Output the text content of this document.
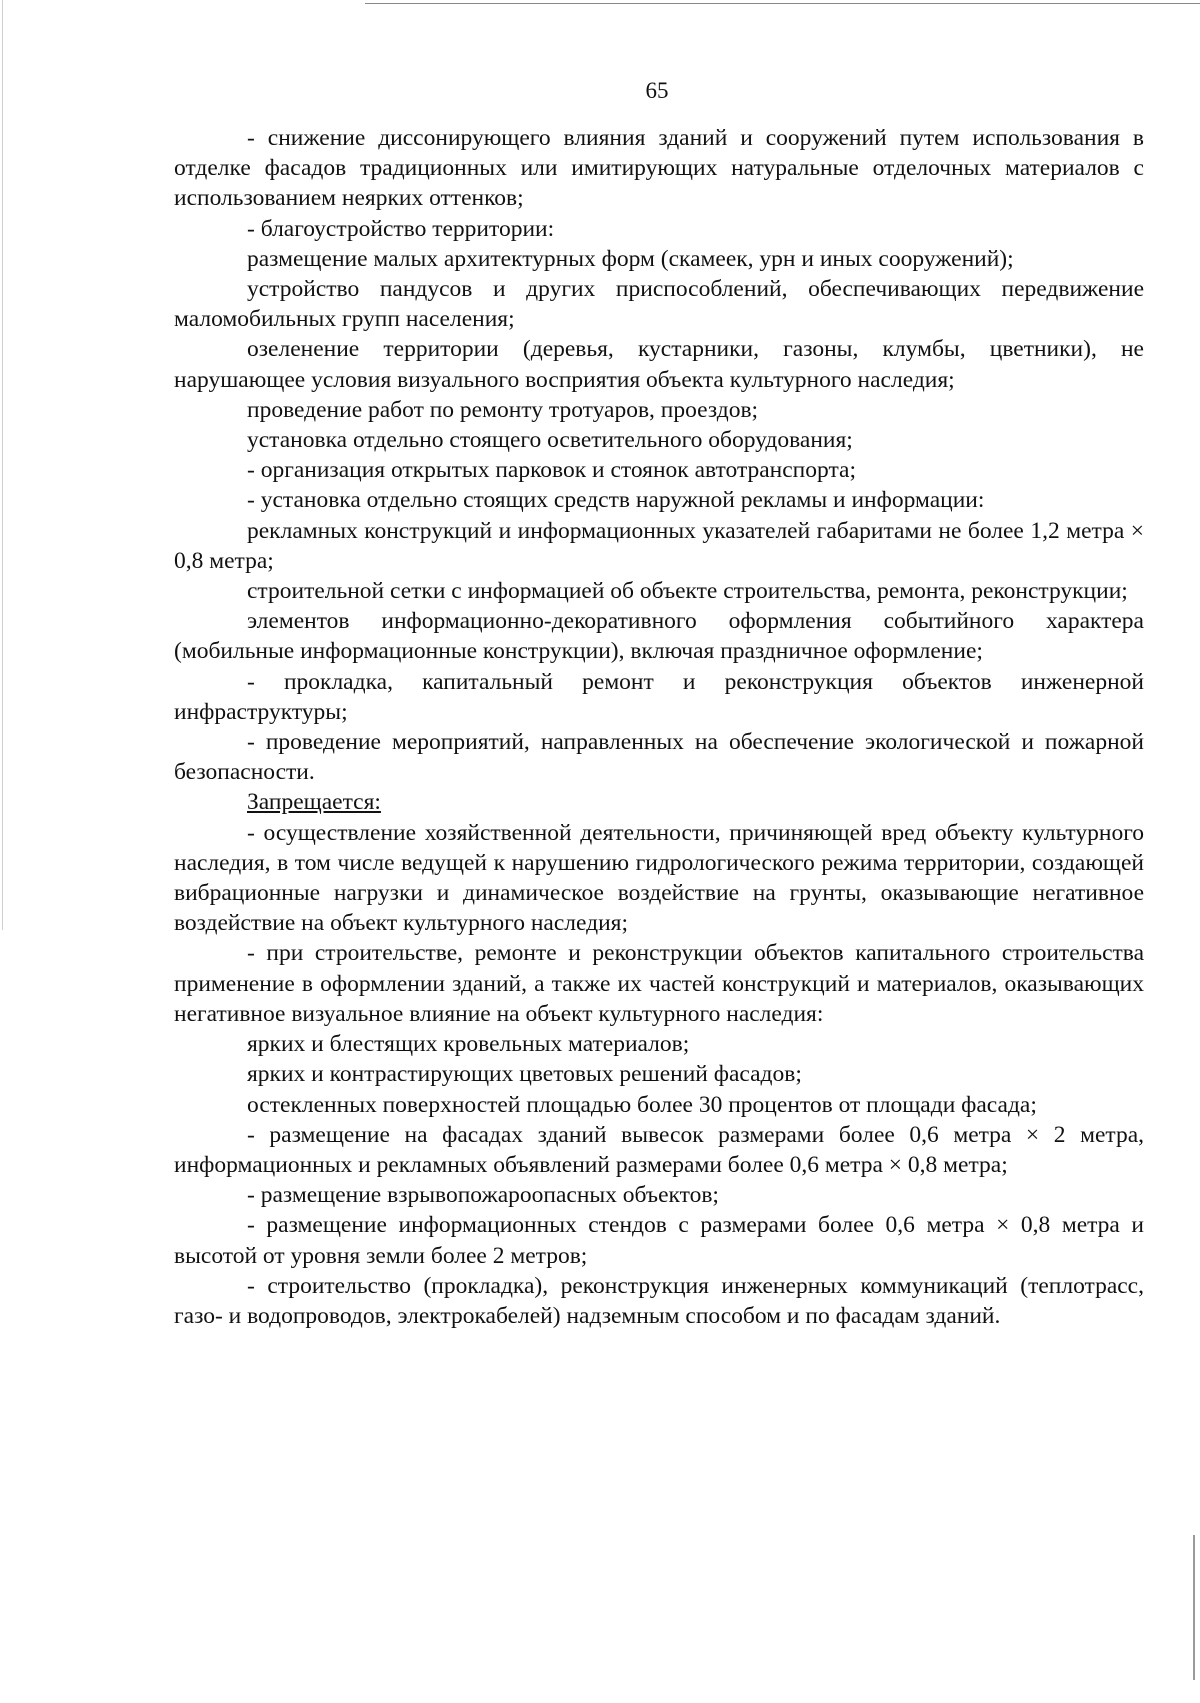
65

- снижение диссонирующего влияния зданий и сооружений путем использования в отделке фасадов традиционных или имитирующих натуральные отделочных материалов с использованием неярких оттенков;

- благоустройство территории:

размещение малых архитектурных форм (скамеек, урн и иных сооружений);

устройство пандусов и других приспособлений, обеспечивающих передвижение маломобильных групп населения;

озеленение территории (деревья, кустарники, газоны, клумбы, цветники), не нарушающее условия визуального восприятия объекта культурного наследия;

проведение работ по ремонту тротуаров, проездов;

установка отдельно стоящего осветительного оборудования;

- организация открытых парковок и стоянок автотранспорта;

- установка отдельно стоящих средств наружной рекламы и информации:

рекламных конструкций и информационных указателей габаритами не более 1,2 метра × 0,8 метра;

строительной сетки с информацией об объекте строительства, ремонта, реконструкции;

элементов информационно-декоративного оформления событийного характера (мобильные информационные конструкции), включая праздничное оформление;

- прокладка, капитальный ремонт и реконструкция объектов инженерной инфраструктуры;

- проведение мероприятий, направленных на обеспечение экологической и пожарной безопасности.

Запрещается:

- осуществление хозяйственной деятельности, причиняющей вред объекту культурного наследия, в том числе ведущей к нарушению гидрологического режима территории, создающей вибрационные нагрузки и динамическое воздействие на грунты, оказывающие негативное воздействие на объект культурного наследия;

- при строительстве, ремонте и реконструкции объектов капитального строительства применение в оформлении зданий, а также их частей конструкций и материалов, оказывающих негативное визуальное влияние на объект культурного наследия:

ярких и блестящих кровельных материалов;

ярких и контрастирующих цветовых решений фасадов;

остекленных поверхностей площадью более 30 процентов от площади фасада;

- размещение на фасадах зданий вывесок размерами более 0,6 метра × 2 метра, информационных и рекламных объявлений размерами более 0,6 метра × 0,8 метра;

- размещение взрывопожароопасных объектов;

- размещение информационных стендов с размерами более 0,6 метра × 0,8 метра и высотой от уровня земли более 2 метров;

- строительство (прокладка), реконструкция инженерных коммуникаций (теплотрасс, газо- и водопроводов, электрокабелей) надземным способом и по фасадам зданий.
